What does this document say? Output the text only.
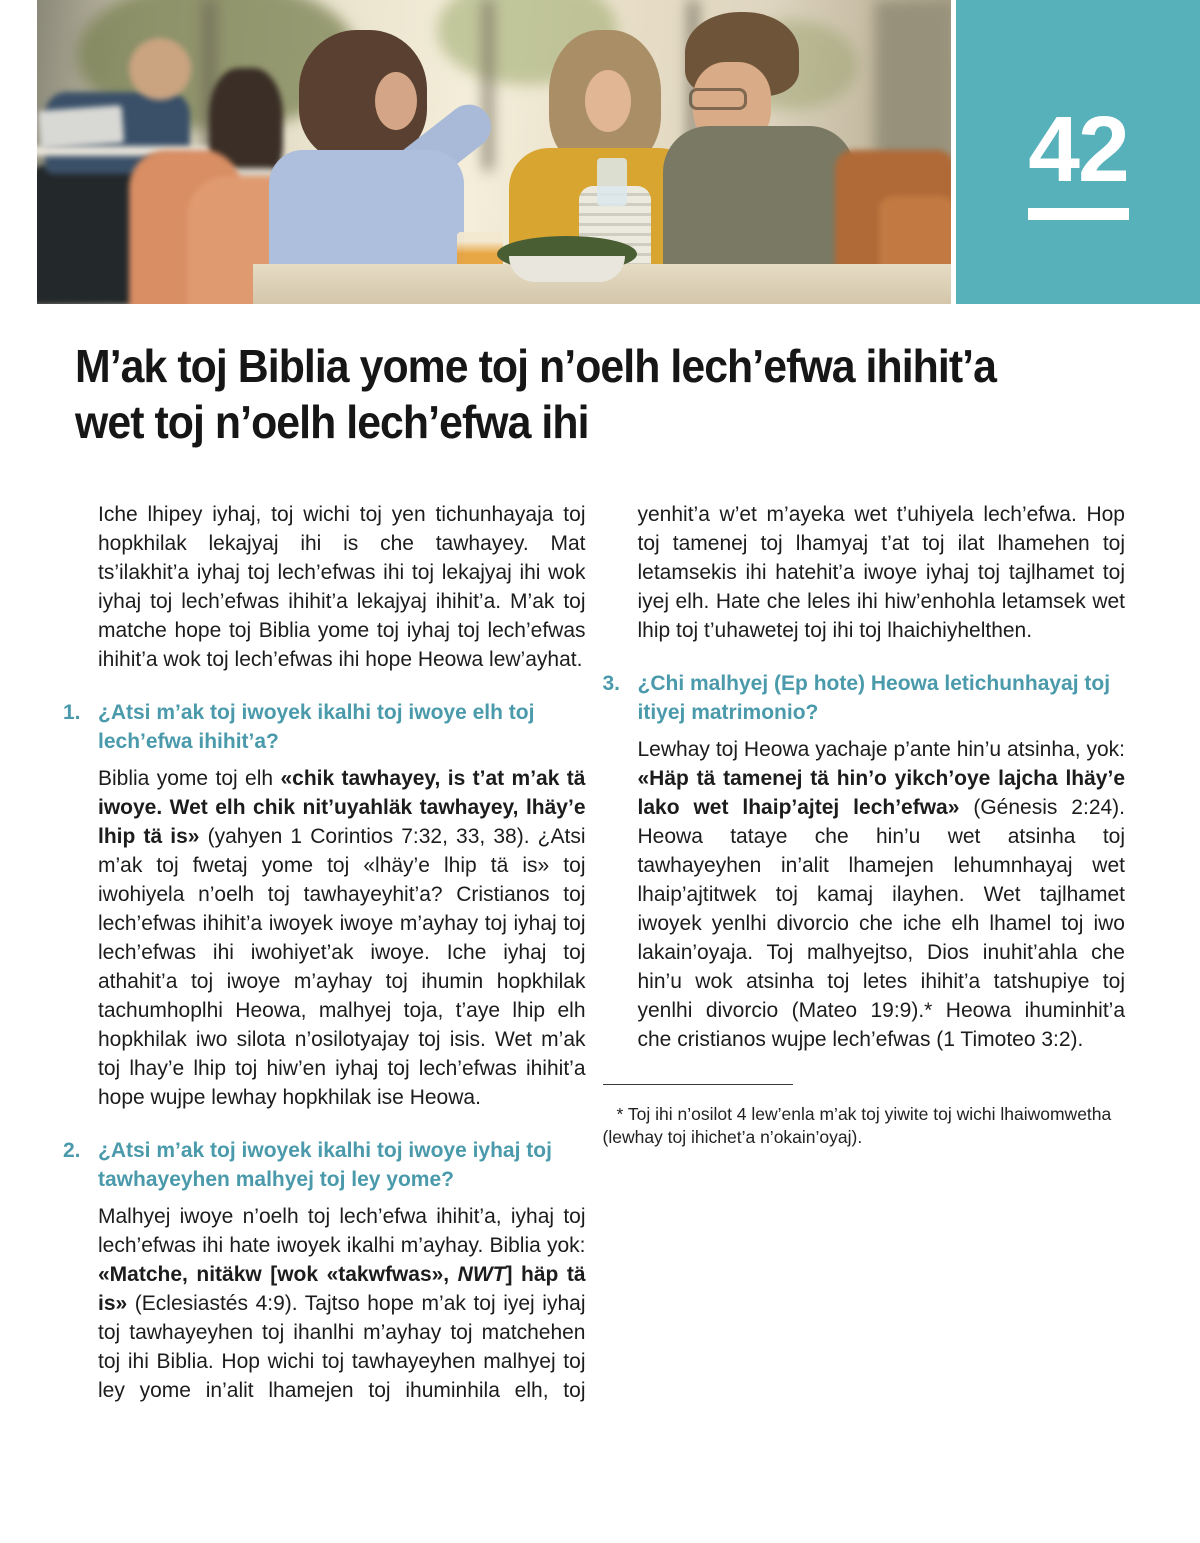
42
M’ak toj Biblia yome toj n’oelh lech’efwa ihihit’a wet toj n’oelh lech’efwa ihi

Iche lhipey iyhaj, toj wichi toj yen tichunhayaja toj hopkhilak lekajyaj ihi is che tawhayey. Mat ts’ilakhit’a iyhaj toj lech’efwas ihi toj lekajyaj ihi wok iyhaj toj lech’efwas ihihit’a lekajyaj ihihit’a. M’ak toj matche hope toj Biblia yome toj iyhaj toj lech’efwas ihihit’a wok toj lech’efwas ihi hope Heowa lew’ayhat.

1. ¿Atsi m’ak toj iwoyek ikalhi toj iwoye elh toj lech’efwa ihihit’a?

Biblia yome toj elh «chik tawhayey, is t’at m’ak tä iwoye. Wet elh chik nit’uyahläk tawhayey, lhäy’e lhip tä is» (yahyen 1 Corintios 7:32, 33, 38). ¿Atsi m’ak toj fwetaj yome toj «lhäy’e lhip tä is» toj iwohiyela n’oelh toj tawhayeyhit’a? Cristianos toj lech’efwas ihihit’a iwoyek iwoye m’ayhay toj iyhaj toj lech’efwas ihi iwohiyet’ak iwoye. Iche iyhaj toj athahit’a toj iwoye m’ayhay toj ihumin hopkhilak tachumhoplhi Heowa, malhyej toja, t’aye lhip elh hopkhilak iwo silota n’osilotyajay toj isis. Wet m’ak toj lhay’e lhip toj hiw’en iyhaj toj lech’efwas ihihit’a hope wujpe lewhay hopkhilak ise Heowa.

2. ¿Atsi m’ak toj iwoyek ikalhi toj iwoye iyhaj toj tawhayeyhen malhyej toj ley yome?

Malhyej iwoye n’oelh toj lech’efwa ihihit’a, iyhaj toj lech’efwas ihi hate iwoyek ikalhi m’ayhay. Biblia yok: «Matche, nitäkw [wok «takwfwas», NWT] häp tä is» (Eclesiastés 4:9). Tajtso hope m’ak toj iyej iyhaj toj tawhayeyhen toj ihanlhi m’ayhay toj matchehen toj ihi Biblia. Hop wichi toj tawhayeyhen malhyej toj ley yome in’alit lhamejen toj ihuminhila elh, toj yenhit’a w’et m’ayeka wet t’uhiyela lech’efwa. Hop toj tamenej toj lhamyaj t’at toj ilat lhamehen toj letamsekis ihi hatehit’a iwoye iyhaj toj tajlhamet toj iyej elh. Hate che leles ihi hiw’enhohla letamsek wet lhip toj t’uhawetej toj ihi toj lhaichiyhelthen.

3. ¿Chi malhyej (Ep hote) Heowa letichunhayaj toj itiyej matrimonio?

Lewhay toj Heowa yachaje p’ante hin’u atsinha, yok: «Häp tä tamenej tä hin’o yikch’oye lajcha lhäy’e lako wet lhaip’ajtej lech’efwa» (Génesis 2:24). Heowa tataye che hin’u wet atsinha toj tawhayeyhen in’alit lhamejen lehumnhayaj wet lhaip’ajtitwek toj kamaj ilayhen. Wet tajlhamet iwoyek yenlhi divorcio che iche elh lhamel toj iwo lakain’oyaja. Toj malhyejtso, Dios inuhit’ahla che hin’u wok atsinha toj letes ihihit’a tatshupiye toj yenlhi divorcio (Mateo 19:9).* Heowa ihuminhit’a che cristianos wujpe lech’efwas (1 Timoteo 3:2).

* Toj ihi n’osilot 4 lew’enla m’ak toj yiwite toj wichi lhaiwomwetha (lewhay toj ihichet’a n’okain’oyaj).
